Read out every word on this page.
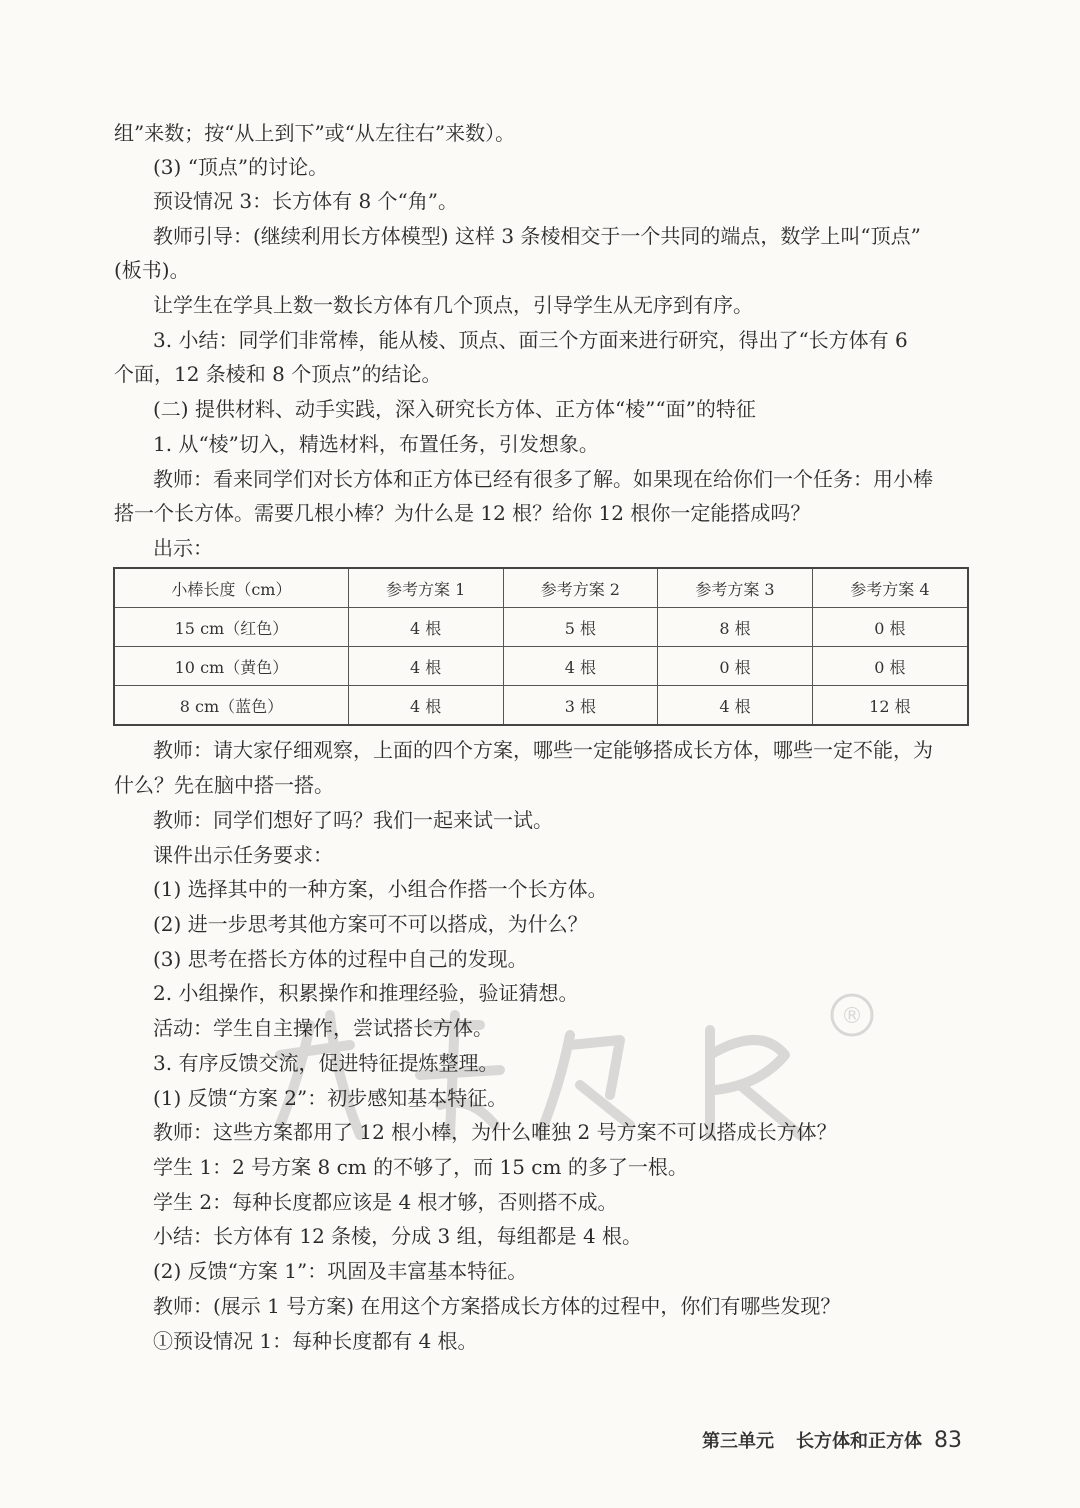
组”来数；按“从上到下”或“从左往右”来数）。
(3) “顶点”的讨论。
预设情况 3：长方体有 8 个“角”。
教师引导：(继续利用长方体模型) 这样 3 条棱相交于一个共同的端点，数学上叫“顶点”
(板书)。
让学生在学具上数一数长方体有几个顶点，引导学生从无序到有序。
3. 小结：同学们非常棒，能从棱、顶点、面三个方面来进行研究，得出了“长方体有 6
个面，12 条棱和 8 个顶点”的结论。
(二) 提供材料、动手实践，深入研究长方体、正方体“棱”“面”的特征
1. 从“棱”切入，精选材料，布置任务，引发想象。
教师：看来同学们对长方体和正方体已经有很多了解。如果现在给你们一个任务：用小棒
搭一个长方体。需要几根小棒？为什么是 12 根？给你 12 根你一定能搭成吗？
出示：
小棒长度（cm）	参考方案 1	参考方案 2	参考方案 3	参考方案 4
15 cm（红色）	4 根	5 根	8 根	0 根
10 cm（黄色）	4 根	4 根	0 根	0 根
8 cm（蓝色）	4 根	3 根	4 根	12 根
教师：请大家仔细观察，上面的四个方案，哪些一定能够搭成长方体，哪些一定不能，为
什么？先在脑中搭一搭。
教师：同学们想好了吗？我们一起来试一试。
课件出示任务要求：
(1) 选择其中的一种方案，小组合作搭一个长方体。
(2) 进一步思考其他方案可不可以搭成，为什么？
(3) 思考在搭长方体的过程中自己的发现。
2. 小组操作，积累操作和推理经验，验证猜想。
活动：学生自主操作，尝试搭长方体。
3. 有序反馈交流，促进特征提炼整理。
(1) 反馈“方案 2”：初步感知基本特征。
教师：这些方案都用了 12 根小棒，为什么唯独 2 号方案不可以搭成长方体？
学生 1：2 号方案 8 cm 的不够了，而 15 cm 的多了一根。
学生 2：每种长度都应该是 4 根才够，否则搭不成。
小结：长方体有 12 条棱，分成 3 组，每组都是 4 根。
(2) 反馈“方案 1”：巩固及丰富基本特征。
教师：(展示 1 号方案) 在用这个方案搭成长方体的过程中，你们有哪些发现？
①预设情况 1：每种长度都有 4 根。
®
第三单元 长方体和正方体 83
